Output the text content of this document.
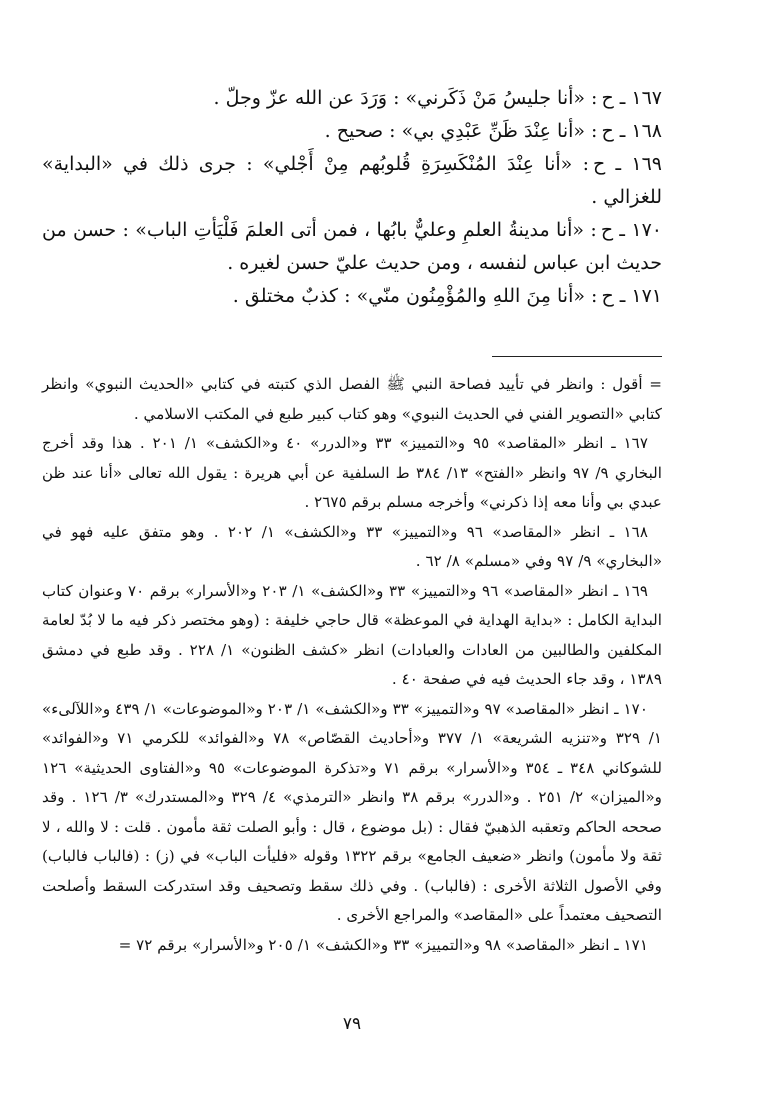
١٦٧ ـ ح: «أنا جليسُ مَنْ ذَكَرني» : وَرَدَ عن الله عزّ وجلّ .

١٦٨ ـ ح: «أنا عِنْدَ ظَنِّ عَبْدِي بي» : صحيح .

١٦٩ ـ ح: «أنا عِنْدَ المُنْكَسِرَةِ قُلوبُهم مِنْ أَجْلي» : جرى ذلك في «البداية» للغزالي .

١٧٠ ـ ح: «أنا مدينةُ العلمِ وعليٌّ بابُها ، فمن أتى العلمَ فَلْيَأتِ الباب» : حسن من حديث ابن عباس لنفسه ، ومن حديث عليّ حسن لغيره .

١٧١ ـ ح: «أنا مِنَ اللهِ والمُؤْمِنُون منّي» : كذبٌ مختلق .

= أقول : وانظر في تأييد فصاحة النبي ﷺ الفصل الذي كتبته في كتابي «الحديث النبوي» وانظر كتابي «التصوير الفني في الحديث النبوي» وهو كتاب كبير طبع في المكتب الاسلامي .

١٦٧ ـ انظر «المقاصد» ٩٥ و«التمييز» ٣٣ و«الدرر» ٤٠ و«الكشف» ١/ ٢٠١ . هذا وقد أخرج البخاري ٩/ ٩٧ وانظر «الفتح» ١٣/ ٣٨٤ ط السلفية عن أبي هريرة : يقول الله تعالى «أنا عند ظن عبدي بي وأنا معه إذا ذكرني» وأخرجه مسلم برقم ٢٦٧٥ .

١٦٨ ـ انظر «المقاصد» ٩٦ و«التمييز» ٣٣ و«الكشف» ١/ ٢٠٢ . وهو متفق عليه فهو في «البخاري» ٩/ ٩٧ وفي «مسلم» ٨/ ٦٢ .

١٦٩ ـ انظر «المقاصد» ٩٦ و«التمييز» ٣٣ و«الكشف» ١/ ٢٠٣ و«الأسرار» برقم ٧٠ وعنوان كتاب البداية الكامل : «بداية الهداية في الموعظة» قال حاجي خليفة : (وهو مختصر ذكر فيه ما لا بُدّ لعامة المكلفين والطالبين من العادات والعبادات) انظر «كشف الظنون» ١/ ٢٢٨ . وقد طبع في دمشق ١٣٨٩ ، وقد جاء الحديث فيه في صفحة ٤٠ .

١٧٠ ـ انظر «المقاصد» ٩٧ و«التمييز» ٣٣ و«الكشف» ١/ ٢٠٣ و«الموضوعات» ١/ ٤٣٩ و«اللآلىء» ١/ ٣٢٩ و«تنزيه الشريعة» ١/ ٣٧٧ و«أحاديث القصّاص» ٧٨ و«الفوائد» للكرمي ٧١ و«الفوائد» للشوكاني ٣٤٨ ـ ٣٥٤ و«الأسرار» برقم ٧١ و«تذكرة الموضوعات» ٩٥ و«الفتاوى الحديثية» ١٢٦ و«الميزان» ٢/ ٢٥١ . و«الدرر» برقم ٣٨ وانظر «الترمذي» ٤/ ٣٢٩ و«المستدرك» ٣/ ١٢٦ . وقد صححه الحاكم وتعقبه الذهبيّ فقال : (بل موضوع ، قال : وأبو الصلت ثقة مأمون . قلت : لا والله ، لا ثقة ولا مأمون) وانظر «ضعيف الجامع» برقم ١٣٢٢ وقوله «فليأت الباب» في (ز) : (فالباب فالباب) وفي الأصول الثلاثة الأخرى : (فالباب) . وفي ذلك سقط وتصحيف وقد استدركت السقط وأصلحت التصحيف معتمداً على «المقاصد» والمراجع الأخرى .

١٧١ ـ انظر «المقاصد» ٩٨ و«التمييز» ٣٣ و«الكشف» ١/ ٢٠٥ و«الأسرار» برقم ٧٢ =

٧٩
